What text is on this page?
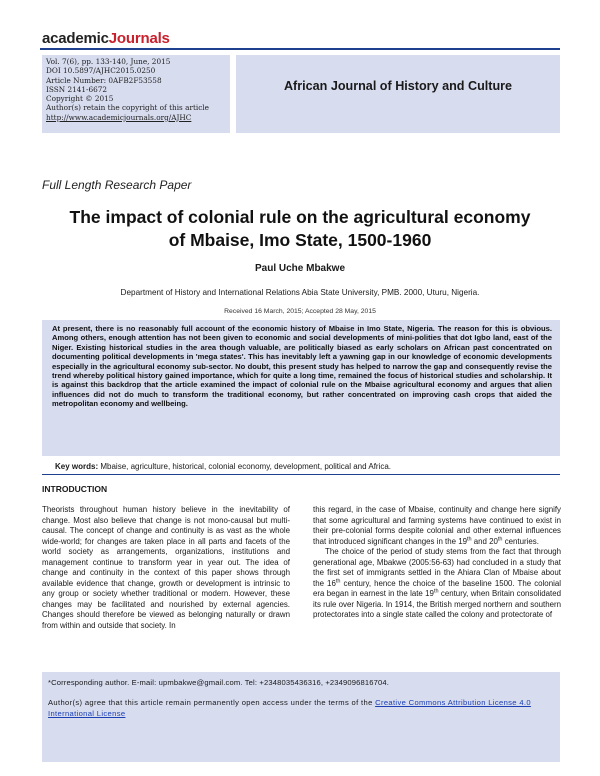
academicJournals
Vol. 7(6), pp. 133-140, June, 2015
DOI 10.5897/AJHC2015.0250
Article Number: 0AFB2F53558
ISSN 2141-6672
Copyright © 2015
Author(s) retain the copyright of this article
http://www.academicjournals.org/AJHC
African Journal of History and Culture
Full Length Research Paper
The impact of colonial rule on the agricultural economy
of Mbaise, Imo State, 1500-1960
Paul Uche Mbakwe
Department of History and International Relations Abia State University, PMB. 2000, Uturu, Nigeria.
Received 16 March, 2015; Accepted 28 May, 2015
At present, there is no reasonably full account of the economic history of Mbaise in Imo State, Nigeria. The reason for this is obvious. Among others, enough attention has not been given to economic and social developments of mini-polities that dot Igbo land, east of the Niger. Existing historical studies in the area though valuable, are politically biased as early scholars on African past concentrated on documenting political developments in 'mega states'. This has inevitably left a yawning gap in our knowledge of economic developments especially in the agricultural economy sub-sector. No doubt, this present study has helped to narrow the gap and consequently revise the trend whereby political history gained importance, which for quite a long time, remained the focus of historical studies and scholarship. It is against this backdrop that the article examined the impact of colonial rule on the Mbaise agricultural economy and argues that alien influences did not do much to transform the traditional economy, but rather concentrated on improving cash crops that aided the metropolitan economy and wellbeing.
Key words: Mbaise, agriculture, historical, colonial economy, development, political and Africa.
INTRODUCTION

Theorists throughout human history believe in the inevitability of change. Most also believe that change is not mono-causal but multi-causal. The concept of change and continuity is as vast as the whole wide-world; for changes are taken place in all parts and facets of the world society as arrangements, organizations, institutions and management continue to transform year in year out. The idea of change and continuity in the context of this paper shows through available evidence that change, growth or development is intrinsic to any group or society whether traditional or modern. However, these changes may be facilitated and nourished by external agencies. Changes should therefore be viewed as belonging naturally or drawn from within and outside that society. In

this regard, in the case of Mbaise, continuity and change here signify that some agricultural and farming systems have continued to exist in their pre-colonial forms despite colonial and other external influences that introduced significant changes in the 19th and 20th centuries.

The choice of the period of study stems from the fact that through generational age, Mbakwe (2005:56-63) had concluded in a study that the first set of immigrants settled in the Ahiara Clan of Mbaise about the 16th century, hence the choice of the baseline 1500. The colonial era began in earnest in the late 19th century, when Britain consolidated its rule over Nigeria. In 1914, the British merged northern and southern protectorates into a single state called the colony and protectorate of

*Corresponding author. E-mail: upmbakwe@gmail.com. Tel: +2348035436316, +2349096816704.
Author(s) agree that this article remain permanently open access under the terms of the Creative Commons Attribution License 4.0 International License
